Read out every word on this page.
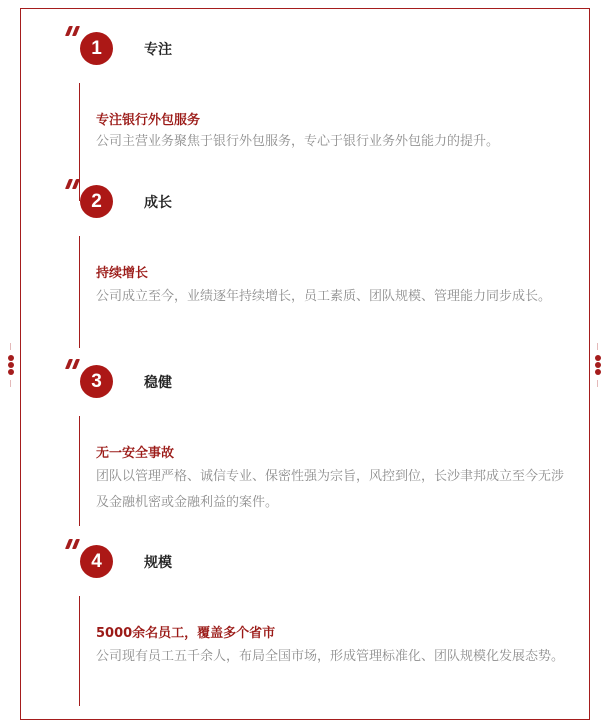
1	专注
专注银行外包服务
公司主营业务聚焦于银行外包服务，专心于银行业务外包能力的提升。
2	成长
持续增长
公司成立至今，业绩逐年持续增长，员工素质、团队规模、管理能力同步成长。
3	稳健
无一安全事故
团队以管理严格、诚信专业、保密性强为宗旨，风控到位，长沙聿邦成立至今无涉及金融机密或金融利益的案件。
4	规模
5000余名员工，覆盖多个省市
公司现有员工五千余人，布局全国市场，形成管理标准化、团队规模化发展态势。
